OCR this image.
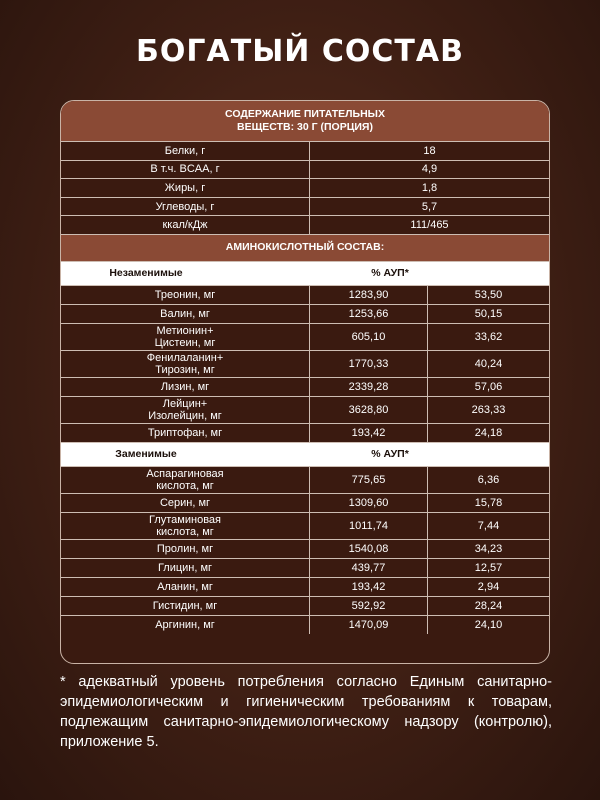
БОГАТЫЙ СОСТАВ
СОДЕРЖАНИЕ ПИТАТЕЛЬНЫХ
ВЕЩЕСТВ: 30 Г (ПОРЦИЯ)
Белки, г	18
В т.ч. BCAA, г	4,9
Жиры, г	1,8
Углеводы, г	5,7
ккал/кДж	111/465
АМИНОКИСЛОТНЫЙ СОСТАВ:
Незаменимые	% АУП*
Треонин, мг	1283,90	53,50
Валин, мг	1253,66	50,15
Метионин+
Цистеин, мг	605,10	33,62
Фенилаланин+
Тирозин, мг	1770,33	40,24
Лизин, мг	2339,28	57,06
Лейцин+
Изолейцин, мг	3628,80	263,33
Триптофан, мг	193,42	24,18
Заменимые	% АУП*
Аспарагиновая
кислота, мг	775,65	6,36
Серин, мг	1309,60	15,78
Глутаминовая
кислота, мг	1011,74	7,44
Пролин, мг	1540,08	34,23
Глицин, мг	439,77	12,57
Аланин, мг	193,42	2,94
Гистидин, мг	592,92	28,24
Аргинин, мг	1470,09	24,10
* адекватный уровень потребления согласно Единым санитарно-эпидемиологическим и гигиеническим требованиям к товарам, подлежащим санитарно-эпидемиологическому надзору (контролю), приложение 5.
